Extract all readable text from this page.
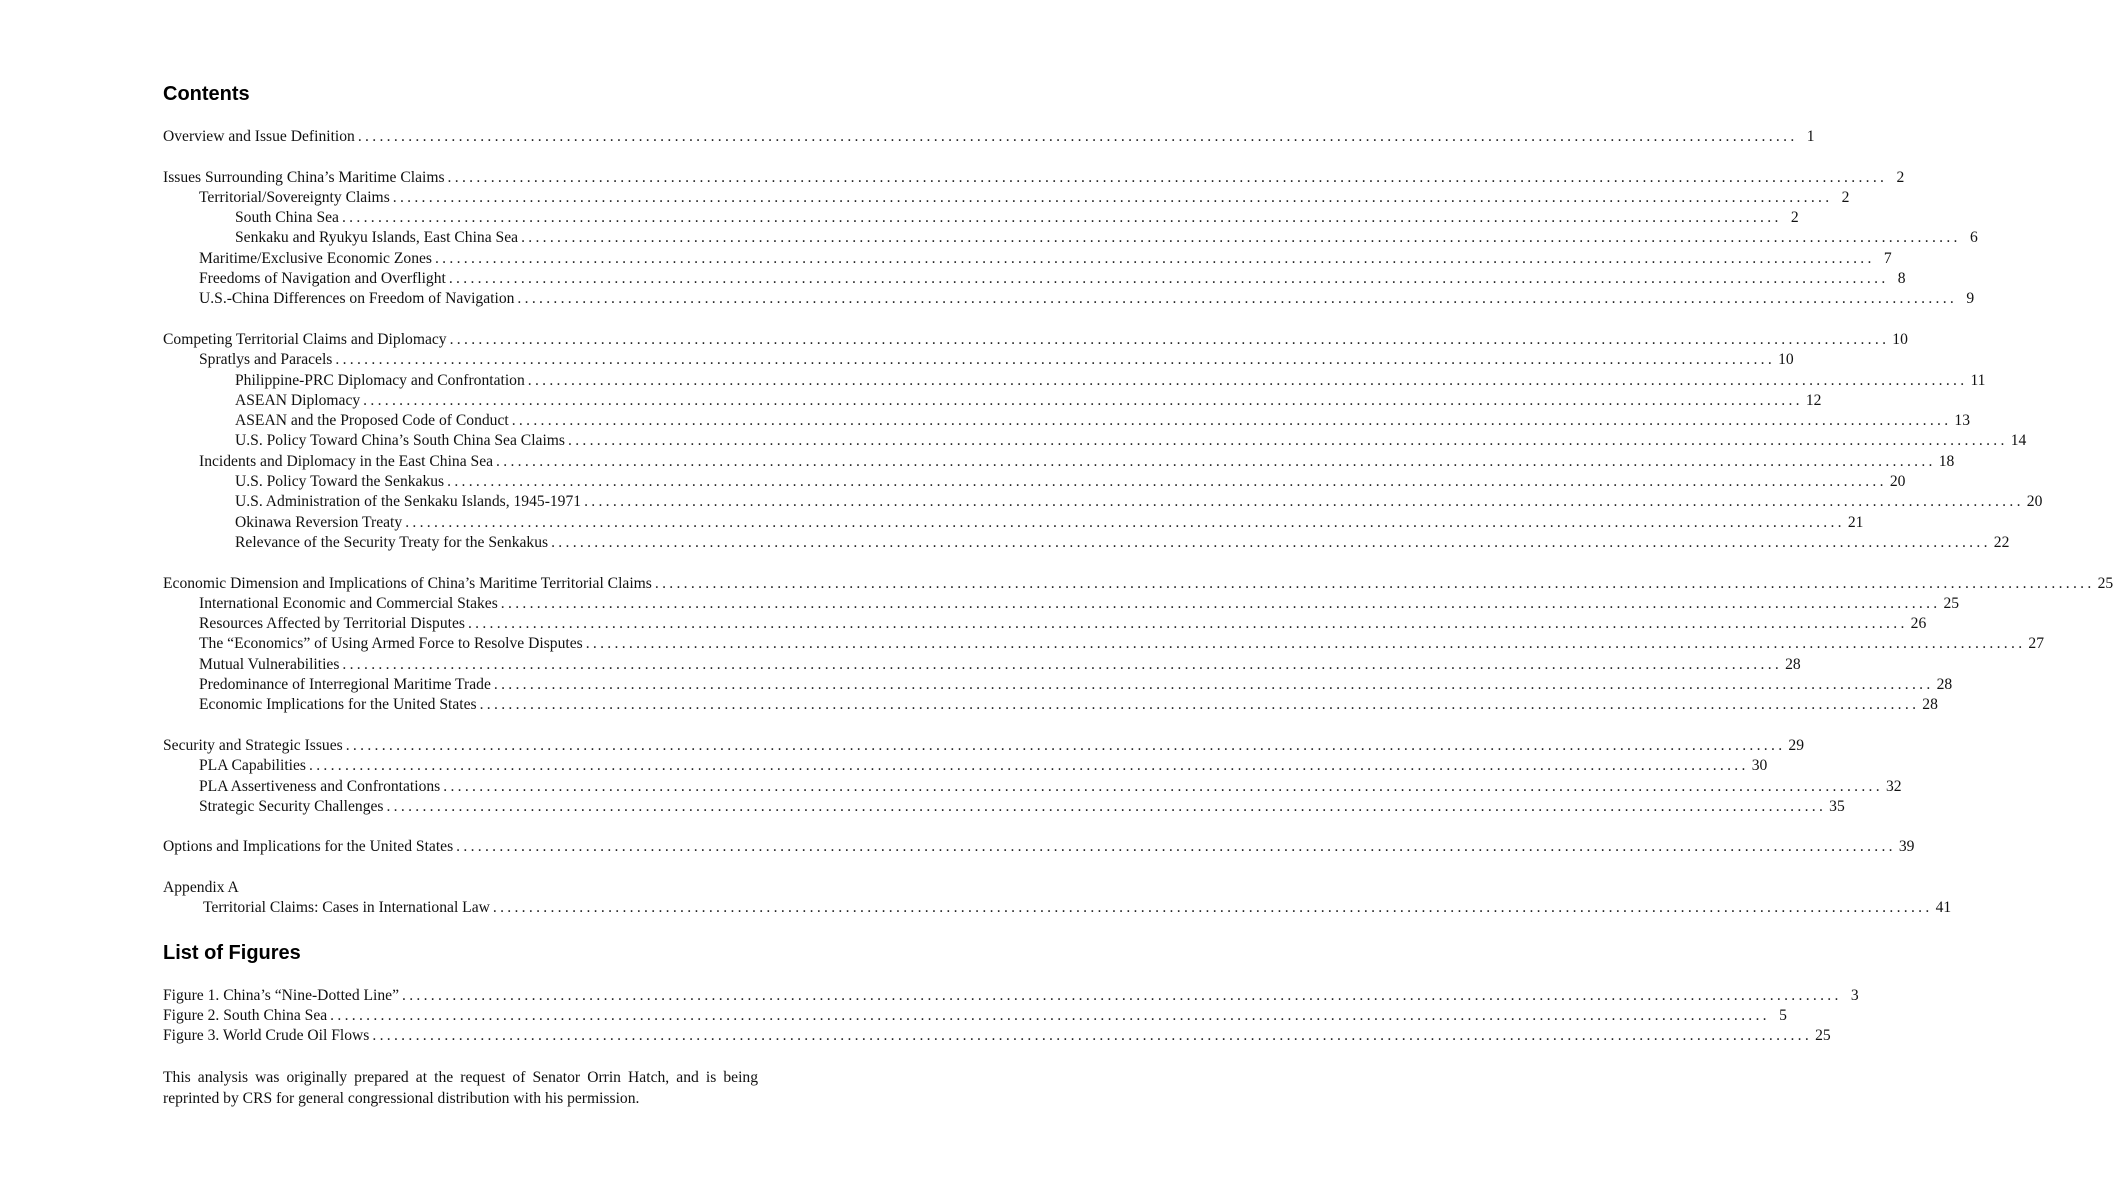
Contents
Overview and Issue Definition ........................................................................................................................................................................................................ 1
Issues Surrounding China’s Maritime Claims ........................................................................................................................................................................................................ 2
Territorial/Sovereignty Claims ........................................................................................................................................................................................................ 2
South China Sea ........................................................................................................................................................................................................ 2
Senkaku and Ryukyu Islands, East China Sea ........................................................................................................................................................................................................ 6
Maritime/Exclusive Economic Zones ........................................................................................................................................................................................................ 7
Freedoms of Navigation and Overflight ........................................................................................................................................................................................................ 8
U.S.-China Differences on Freedom of Navigation ........................................................................................................................................................................................................ 9
Competing Territorial Claims and Diplomacy ........................................................................................................................................................................................................ 10
Spratlys and Paracels ........................................................................................................................................................................................................ 10
Philippine-PRC Diplomacy and Confrontation ........................................................................................................................................................................................................ 11
ASEAN Diplomacy ........................................................................................................................................................................................................ 12
ASEAN and the Proposed Code of Conduct ........................................................................................................................................................................................................ 13
U.S. Policy Toward China’s South China Sea Claims ........................................................................................................................................................................................................ 14
Incidents and Diplomacy in the East China Sea ........................................................................................................................................................................................................ 18
U.S. Policy Toward the Senkakus ........................................................................................................................................................................................................ 20
U.S. Administration of the Senkaku Islands, 1945-1971 ........................................................................................................................................................................................................ 20
Okinawa Reversion Treaty ........................................................................................................................................................................................................ 21
Relevance of the Security Treaty for the Senkakus ........................................................................................................................................................................................................ 22
Economic Dimension and Implications of China’s Maritime Territorial Claims ........................................................................................................................................................................................................ 25
International Economic and Commercial Stakes ........................................................................................................................................................................................................ 25
Resources Affected by Territorial Disputes ........................................................................................................................................................................................................ 26
The “Economics” of Using Armed Force to Resolve Disputes ........................................................................................................................................................................................................ 27
Mutual Vulnerabilities ........................................................................................................................................................................................................ 28
Predominance of Interregional Maritime Trade ........................................................................................................................................................................................................ 28
Economic Implications for the United States ........................................................................................................................................................................................................ 28
Security and Strategic Issues ........................................................................................................................................................................................................ 29
PLA Capabilities ........................................................................................................................................................................................................ 30
PLA Assertiveness and Confrontations ........................................................................................................................................................................................................ 32
Strategic Security Challenges ........................................................................................................................................................................................................ 35
Options and Implications for the United States ........................................................................................................................................................................................................ 39
Appendix A
Territorial Claims: Cases in International Law ........................................................................................................................................................................................................ 41
List of Figures
Figure 1. China’s “Nine-Dotted Line” ........................................................................................................................................................................................................ 3
Figure 2. South China Sea ........................................................................................................................................................................................................ 5
Figure 3. World Crude Oil Flows ........................................................................................................................................................................................................ 25
This analysis was originally prepared at the request of Senator Orrin Hatch, and is being reprinted by CRS for general congressional distribution with his permission.
